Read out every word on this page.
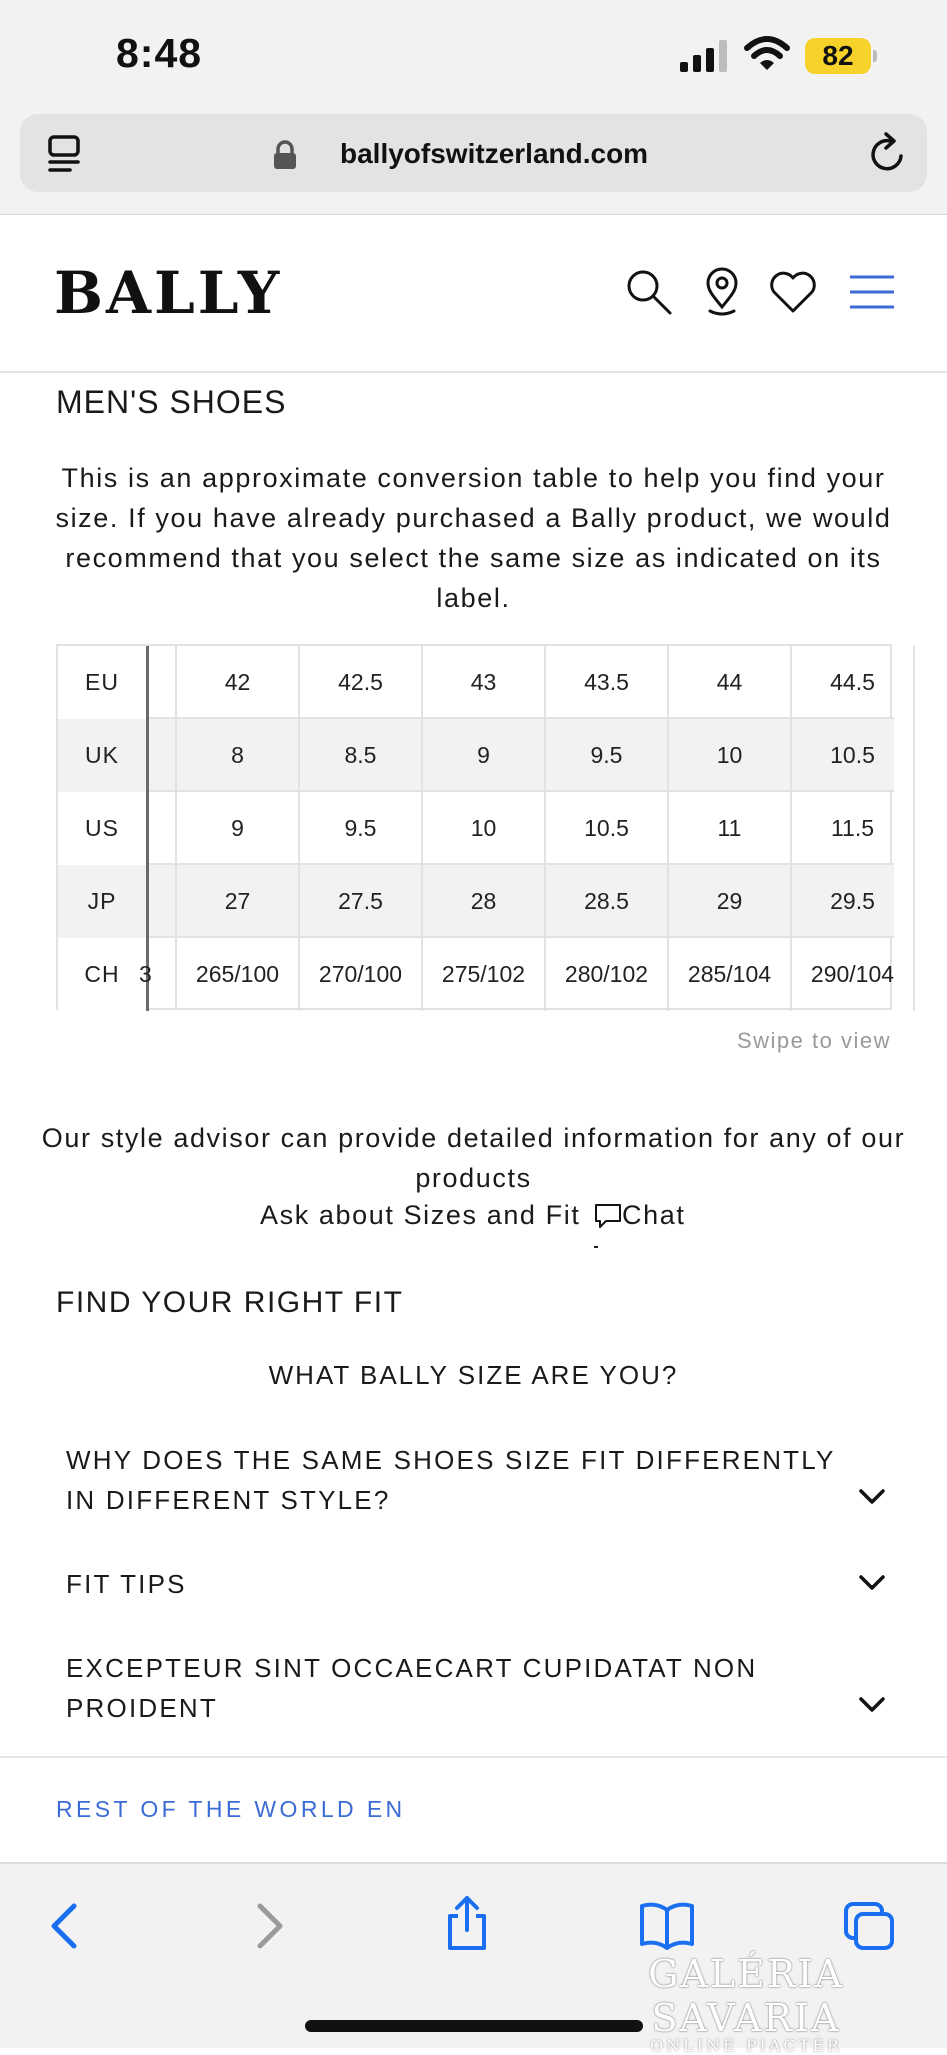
8:48	82
ballyofswitzerland.com
BALLY
MEN'S SHOES
This is an approximate conversion table to help you find your size. If you have already purchased a Bally product, we would recommend that you select the same size as indicated on its label.
EU	42	42.5	43	43.5	44	44.5
UK	8	8.5	9	9.5	10	10.5
US	9	9.5	10	10.5	11	11.5
JP	27	27.5	28	28.5	29	29.5
CH 3	265/100	270/100	275/102	280/102	285/104	290/104
Swipe to view
Our style advisor can provide detailed information for any of our products
Ask about Sizes and Fit Chat
FIND YOUR RIGHT FIT
WHAT BALLY SIZE ARE YOU?
WHY DOES THE SAME SHOES SIZE FIT DIFFERENTLY IN DIFFERENT STYLE?
FIT TIPS
EXCEPTEUR SINT OCCAECART CUPIDATAT NON PROIDENT
REST OF THE WORLD EN
GALÉRIA SAVARIA
ONLINE PIACTÉR
